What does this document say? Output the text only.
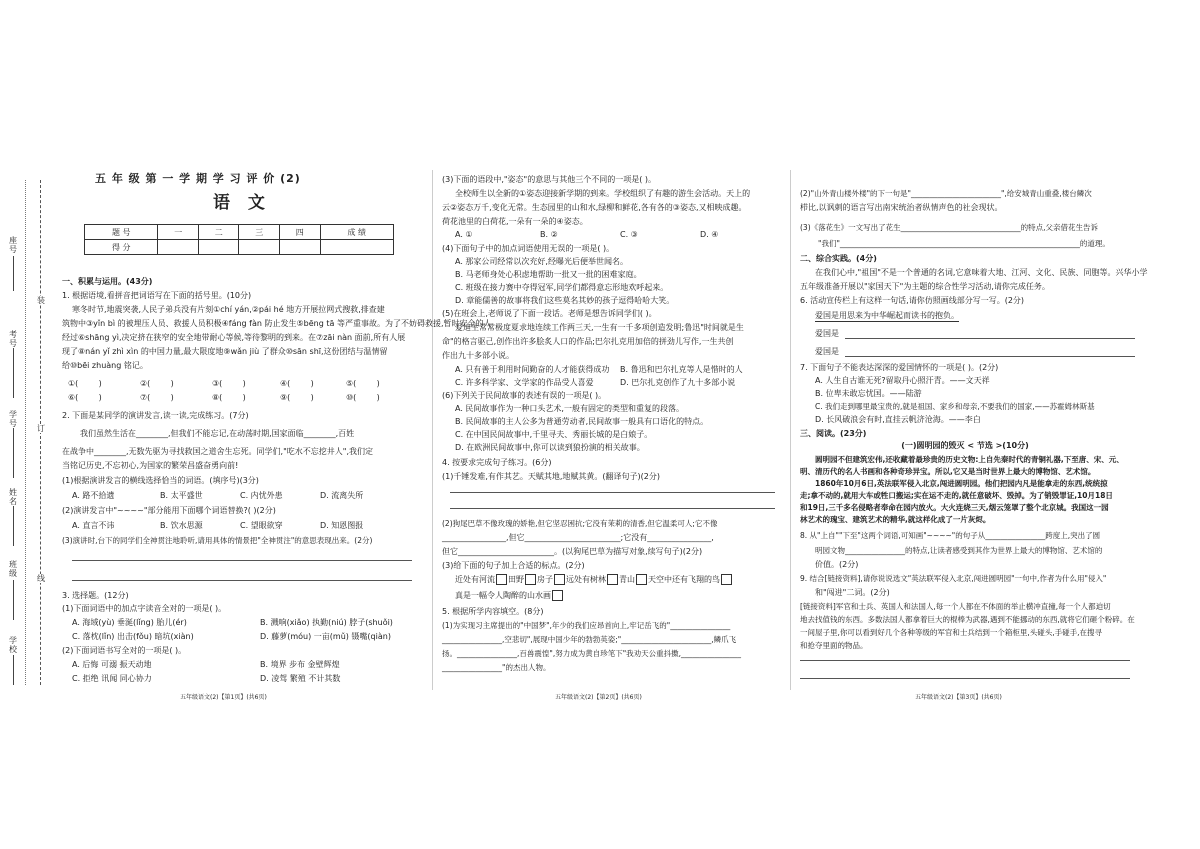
座号
考号
学号
姓名
班级
学校
装
订
线
五 年 级 第 一 学 期 学 习 评 价 (2)
语 文
题 号	一	二	三	四	成 绩
得 分					
一、积累与运用。(43分)
1. 根据语境,看拼音把词语写在下面的括号里。(10分)
寒冬时节,地震突袭,人民子弟兵没有片刻①chí yán,②pái hé 地方开展拉网式搜救,排查建
筑物中③yǐn bì 的被埋压人员、救援人员积极④fáng fàn 防止发生⑤bēng tā 等严重事故。为了不妨碍救援,暂时安全的人
经过⑥shāng yì,决定挤在狭窄的安全地带耐心等候,等待黎明的到来。在⑦zāi nàn 面前,所有人展
现了⑧nán yǐ zhì xìn 的中国力量,最大限度地⑨wǎn jiù 了群众⑩sān shī,这份团结与温情留
给⑩bēi zhuàng 铭记。
①(        )	②(        )	③(        )	④(        )	⑤(        )
⑥(        )	⑦(        )	⑧(        )	⑨(        )	⑩(        )
2. 下面是某同学的演讲发言,读一读,完成练习。(7分)
我们虽然生活在________,但我们不能忘记,在动荡时期,国家面临________,百姓
在战争中________,无数先驱为寻找救国之道舍生忘死。同学们,"吃水不忘挖井人",我们定
当铭记历史,不忘初心,为国家的繁荣昌盛奋勇向前!
(1)根据演讲发言的横线选择恰当的词语。(填序号)(3分)
A. 路不拾遗	B. 太平盛世	C. 内忧外患	D. 流离失所
(2)演讲发言中"~~~~"部分能用下面哪个词语替换?( )(2分)
A. 直言不讳	B. 饮水思源	C. 望眼欲穿	D. 知恩图报
(3)演讲时,台下的同学们全神贯注地聆听,请用具体的情景把"全神贯注"的意思表现出来。(2分)
3. 选择题。(12分)
(1)下面词语中的加点字读音全对的一项是( )。
A. 海域(yù) 垂涎(lǐng) 胎儿(ér)	B. 溅响(xiǎo) 执勤(niú) 脖子(shuǒi)
C. 落枕(lǐn) 出击(fǒu) 暗坑(xiàn)	D. 藤萝(móu) 一亩(mǔ) 镊嘴(qiàn)
(2)下面词语书写全对的一项是( )。
A. 后悔 可溺 振天动地	B. 境界 步布 金壁辉煌
C. 拒绝 讯闻 同心协力	D. 凌驾 繁殖 不计其数
五年级语文(2)【第1页】(共6页)
(3)下面的语段中,"姿态"的意思与其他三个不同的一项是( )。
全校师生以全新的①姿态迎接新学期的到来。学校组织了有趣的游生会活动。天上的
云②姿态万千,变化无常。生态园里的山和水,绿柳和鲜花,各有各的③姿态,又相映成趣。
荷花池里的白荷花,一朵有一朵的④姿态。
A. ①	B. ②	C. ③	D. ④
(4)下面句子中的加点词语使用无误的一项是( )。
A. 那家公司经常以次充好,经曝光后便举世闻名。
B. 马老师身处心积虑地帮助一批又一批的困难家庭。
C. 班级在接力赛中夺得冠军,同学们都得意忘形地欢呼起来。
D. 章能儒善的故事将我们这些莫名其妙的孩子逗得哈哈大笑。
(5)在班会上,老师说了下面一段话。老师是想告诉同学们( )。
爱迪生常常极度夏求地连续工作两三天,一生有一千多项创造发明;鲁迅"时间就是生
命"的格言驱己,创作出许多脍炙人口的作品;巴尔扎克用加倍的拼劲儿写作,一生共创
作出九十多部小说。
A. 只有善于利用时间勤奋的人才能获得成功 B. 鲁迅和巴尔扎克等人是惜时的人
C. 许多科学家、文学家的作品受人喜爱	D. 巴尔扎克创作了九十多部小说
(6)下列关于民间故事的表述有误的一项是( )。
A. 民间故事作为一种口头艺术,一般有固定的类型和重复的段落。
B. 民间故事的主人公多为普通劳动者,民间故事一般具有口语化的特点。
C. 在中国民间故事中,千里寻夫、秀丽长城的是白娘子。
D. 在欧洲民间故事中,你可以读到狼扮演的相关故事。
4. 按要求完成句子练习。(6分)
(1)千锤发难,有作其艺。天赋其地,地赋其黄。(翻译句子)(2分)
(2)狗尾巴草不像玫瑰的娇艳,但它坚忍困抗;它没有茉莉的清香,但它温柔可人;它不像
________________,但它________________________;它没有________________,
但它________________________。(以狗尾巴草为描写对象,续写句子)(2分)
(3)给下面的句子加上合适的标点。(2分)
近处有河流 田野 房子 远处有树林 青山 天空中还有飞翔的鸟
真是一幅令人陶醉的山水画
5. 根据所学内容填空。(8分)
(1)为实现习主席提出的"中国梦",年少的我们应昂首向上,牢记岳飞的"________________
________________,空悲切",展现中国少年的勃勃英姿;"________________________,鳞爪飞
扬。________________,百兽震惶",努力成为黄自珍笔下"我劝天公重抖擞,________________
________________"的杰出人物。
五年级语文(2)【第2页】(共6页)
(2)"山外青山楼外楼"的下一句是"________________________",给安城青山重叠,楼台鳞次
栉比,以讽刺的语言写出南宋统治者纵情声色的社会现状。
(3)《落花生》一文写出了花生________________________________的特点,父亲借花生告诉
"我们"________________________________________________________________的道理。
二、综合实践。(4分)
在我们心中,"祖国"不是一个普通的名词,它意味着大地、江河、文化、民族、同胞等。兴华小学
五年级准备开展以"家国天下"为主题的综合性学习活动,请你完成任务。
6. 活动宣传栏上有这样一句话,请你仿照画线部分写一写。(2分)
爱国是用思来为中华崛起而读书的抱负。
爱国是
爱国是
7. 下面句子不能表达深深的爱国情怀的一项是( )。(2分)
A. 人生自古谁无死?留取丹心照汗青。——文天祥
B. 位卑未敢忘忧国。——陆游
C. 我们走到哪里最宝贵的,就是祖国、家乡和母亲,不要我们的国家,——苏霍姆林斯基
D. 长风破浪会有时,直挂云帆济沧海。——李白
三、阅读。(23分)
(一)圆明园的毁灭 < 节选 >(10分)
圆明园不但建筑宏伟,还收藏着最珍贵的历史文物:上自先秦时代的青铜礼器,下至唐、宋、元、
明、清历代的名人书画和各种奇珍异宝。所以,它又是当时世界上最大的博物馆、艺术馆。
1860年10月6日,英法联军侵入北京,闯进圆明园。他们把园内凡是能拿走的东西,统统掠
走;拿不动的,就用大车或牲口搬运;实在运不走的,就任意破坏、毁掉。为了销毁罪证,10月18日
和19日,三千多名侵略者奉命在园内放火。大火连烧三天,烟云笼罩了整个北京城。我国这一园
林艺术的瑰宝、建筑艺术的精华,就这样化成了一片灰烬。
8. 从"上自""下至"这两个词语,可知画"~~~~"的句子从________________跨度上,突出了圆
明园文物________________的特点,让读者感受到其作为世界上最大的博物馆、艺术馆的
价值。(2分)
9. 结合[链接资料],请你说说选文"英法联军侵入北京,闯进圆明园"一句中,作者为什么用"侵入"
和"闯进"二词。(2分)
[链接资料]军官和士兵、英国人和法国人,每一个人都在不体面的举止横冲直撞,每一个人都迫切
地去找值钱的东西。多数法国人都拿着巨大的棍棒为武器,遇到不能挪动的东西,就将它们砸个粉碎。在
一间屋子里,你可以看到好几个各种等级的军官和士兵结到一个箱柜里,头碰头,手碰手,在搜寻
和抢夺里面的物品。
五年级语文(2)【第3页】(共6页)
